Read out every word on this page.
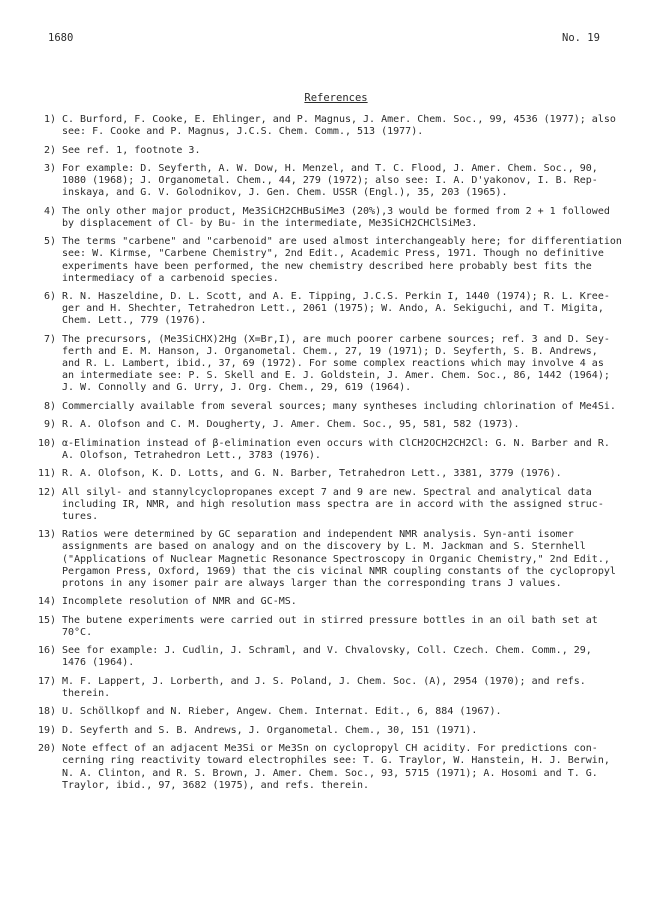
1680	No. 19
References
1) C. Burford, F. Cooke, E. Ehlinger, and P. Magnus, J. Amer. Chem. Soc., 99, 4536 (1977); also
see: F. Cooke and P. Magnus, J.C.S. Chem. Comm., 513 (1977).
2) See ref. 1, footnote 3.
3) For example: D. Seyferth, A. W. Dow, H. Menzel, and T. C. Flood, J. Amer. Chem. Soc., 90,
1080 (1968); J. Organometal. Chem., 44, 279 (1972); also see: I. A. D'yakonov, I. B. Rep-
inskaya, and G. V. Golodnikov, J. Gen. Chem. USSR (Engl.), 35, 203 (1965).
4) The only other major product, Me3SiCH2CHBuSiMe3 (20%),3 would be formed from 2 + 1 followed
by displacement of Cl- by Bu- in the intermediate, Me3SiCH2CHClSiMe3.
5) The terms "carbene" and "carbenoid" are used almost interchangeably here; for differentiation
see: W. Kirmse, "Carbene Chemistry", 2nd Edit., Academic Press, 1971. Though no definitive
experiments have been performed, the new chemistry described here probably best fits the
intermediacy of a carbenoid species.
6) R. N. Haszeldine, D. L. Scott, and A. E. Tipping, J.C.S. Perkin I, 1440 (1974); R. L. Kree-
ger and H. Shechter, Tetrahedron Lett., 2061 (1975); W. Ando, A. Sekiguchi, and T. Migita,
Chem. Lett., 779 (1976).
7) The precursors, (Me3SiCHX)2Hg (X=Br,I), are much poorer carbene sources; ref. 3 and D. Sey-
ferth and E. M. Hanson, J. Organometal. Chem., 27, 19 (1971); D. Seyferth, S. B. Andrews,
and R. L. Lambert, ibid., 37, 69 (1972). For some complex reactions which may involve 4 as
an intermediate see: P. S. Skell and E. J. Goldstein, J. Amer. Chem. Soc., 86, 1442 (1964);
J. W. Connolly and G. Urry, J. Org. Chem., 29, 619 (1964).
8) Commercially available from several sources; many syntheses including chlorination of Me4Si.
9) R. A. Olofson and C. M. Dougherty, J. Amer. Chem. Soc., 95, 581, 582 (1973).
10) α-Elimination instead of β-elimination even occurs with ClCH2OCH2CH2Cl: G. N. Barber and R.
A. Olofson, Tetrahedron Lett., 3783 (1976).
11) R. A. Olofson, K. D. Lotts, and G. N. Barber, Tetrahedron Lett., 3381, 3779 (1976).
12) All silyl- and stannylcyclopropanes except 7 and 9 are new. Spectral and analytical data
including IR, NMR, and high resolution mass spectra are in accord with the assigned struc-
tures.
13) Ratios were determined by GC separation and independent NMR analysis. Syn-anti isomer
assignments are based on analogy and on the discovery by L. M. Jackman and S. Sternhell
("Applications of Nuclear Magnetic Resonance Spectroscopy in Organic Chemistry," 2nd Edit.,
Pergamon Press, Oxford, 1969) that the cis vicinal NMR coupling constants of the cyclopropyl
protons in any isomer pair are always larger than the corresponding trans J values.
14) Incomplete resolution of NMR and GC-MS.
15) The butene experiments were carried out in stirred pressure bottles in an oil bath set at
70°C.
16) See for example: J. Cudlin, J. Schraml, and V. Chvalovsky, Coll. Czech. Chem. Comm., 29,
1476 (1964).
17) M. F. Lappert, J. Lorberth, and J. S. Poland, J. Chem. Soc. (A), 2954 (1970); and refs.
therein.
18) U. Schöllkopf and N. Rieber, Angew. Chem. Internat. Edit., 6, 884 (1967).
19) D. Seyferth and S. B. Andrews, J. Organometal. Chem., 30, 151 (1971).
20) Note effect of an adjacent Me3Si or Me3Sn on cyclopropyl CH acidity. For predictions con-
cerning ring reactivity toward electrophiles see: T. G. Traylor, W. Hanstein, H. J. Berwin,
N. A. Clinton, and R. S. Brown, J. Amer. Chem. Soc., 93, 5715 (1971); A. Hosomi and T. G.
Traylor, ibid., 97, 3682 (1975), and refs. therein.
